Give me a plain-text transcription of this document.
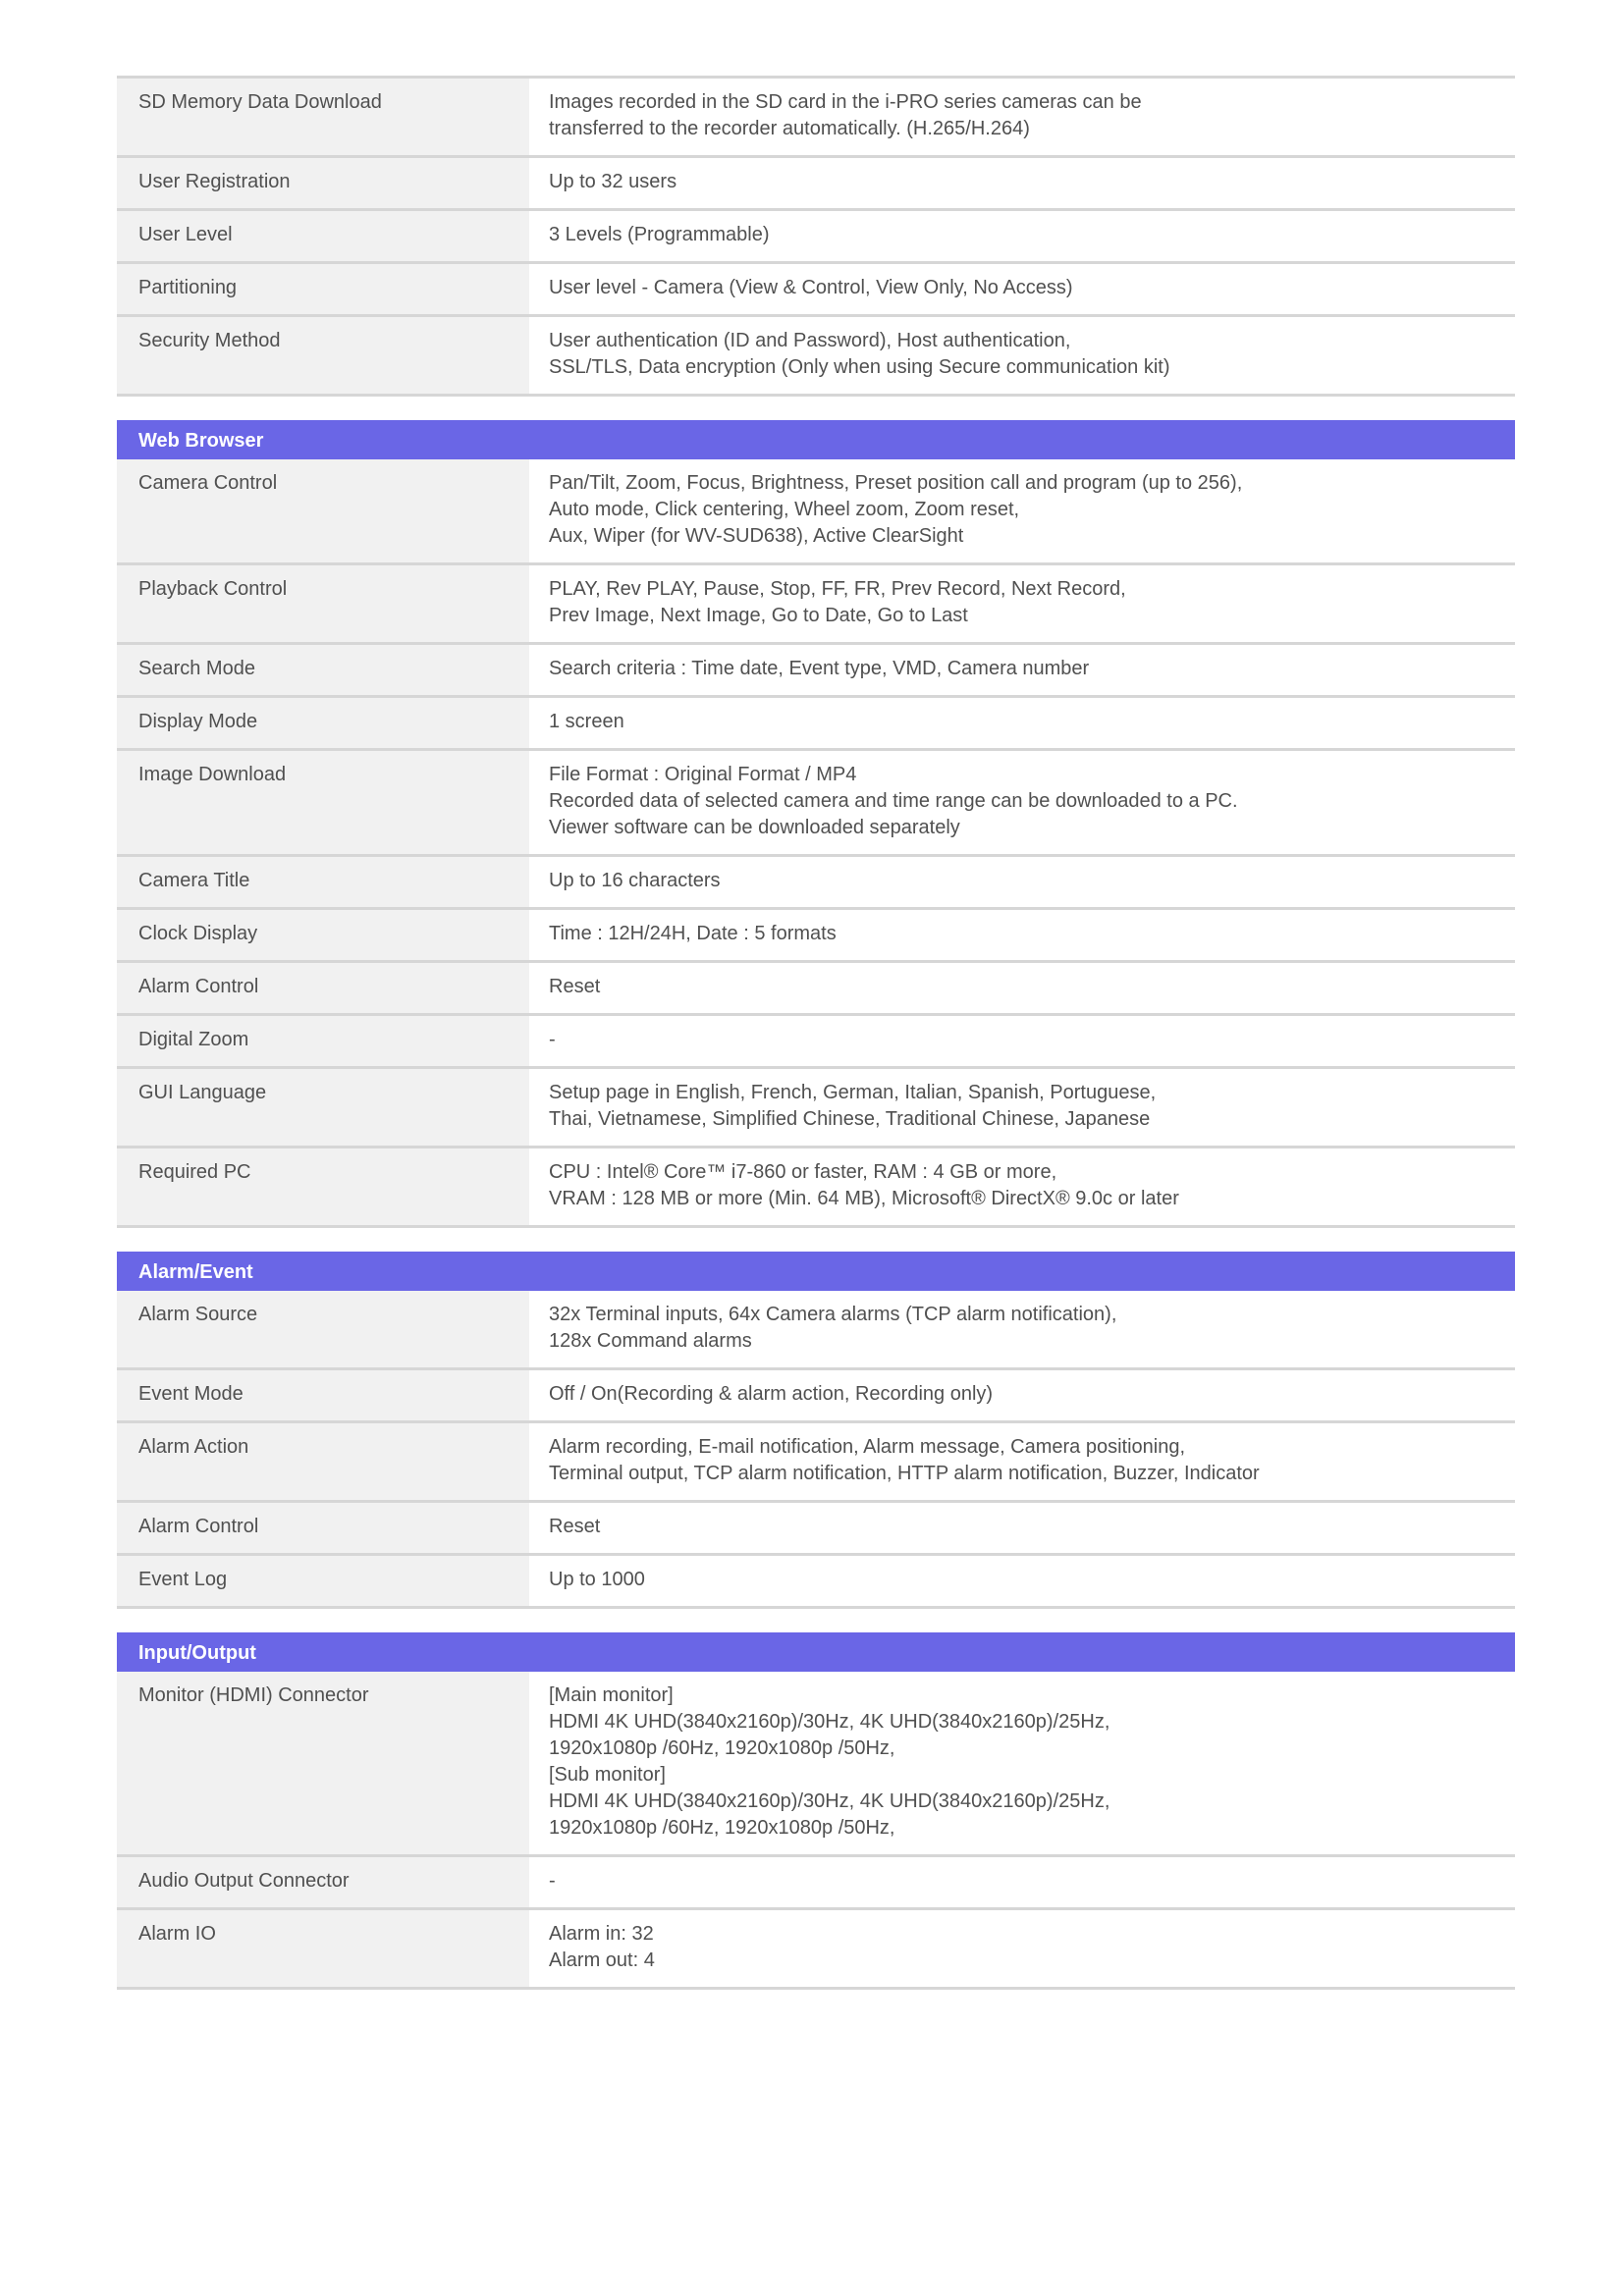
SD Memory Data Download	Images recorded in the SD card in the i-PRO series cameras can be
transferred to the recorder automatically. (H.265/H.264)
User Registration	Up to 32 users
User Level	3 Levels (Programmable)
Partitioning	User level - Camera (View & Control, View Only, No Access)
Security Method	User authentication (ID and Password), Host authentication,
SSL/TLS, Data encryption (Only when using Secure communication kit)
Web Browser
Camera Control	Pan/Tilt, Zoom, Focus, Brightness, Preset position call and program (up to 256),
Auto mode, Click centering, Wheel zoom, Zoom reset,
Aux, Wiper (for WV-SUD638), Active ClearSight
Playback Control	PLAY, Rev PLAY, Pause, Stop, FF, FR, Prev Record, Next Record,
Prev Image, Next Image, Go to Date, Go to Last
Search Mode	Search criteria : Time date, Event type, VMD, Camera number
Display Mode	1 screen
Image Download	File Format : Original Format / MP4
Recorded data of selected camera and time range can be downloaded to a PC.
Viewer software can be downloaded separately
Camera Title	Up to 16 characters
Clock Display	Time : 12H/24H, Date : 5 formats
Alarm Control	Reset
Digital Zoom	-
GUI Language	Setup page in English, French, German, Italian, Spanish, Portuguese,
Thai, Vietnamese, Simplified Chinese, Traditional Chinese, Japanese
Required PC	CPU : Intel® Core™ i7-860 or faster, RAM : 4 GB or more,
VRAM : 128 MB or more (Min. 64 MB), Microsoft® DirectX® 9.0c or later
Alarm/Event
Alarm Source	32x Terminal inputs, 64x Camera alarms (TCP alarm notification),
128x Command alarms
Event Mode	Off / On(Recording & alarm action, Recording only)
Alarm Action	Alarm recording, E-mail notification, Alarm message, Camera positioning,
Terminal output, TCP alarm notification, HTTP alarm notification, Buzzer, Indicator
Alarm Control	Reset
Event Log	Up to 1000
Input/Output
Monitor (HDMI) Connector	[Main monitor]
HDMI 4K UHD(3840x2160p)/30Hz, 4K UHD(3840x2160p)/25Hz,
1920x1080p /60Hz, 1920x1080p /50Hz,
[Sub monitor]
HDMI 4K UHD(3840x2160p)/30Hz, 4K UHD(3840x2160p)/25Hz,
1920x1080p /60Hz, 1920x1080p /50Hz,
Audio Output Connector	-
Alarm IO	Alarm in: 32
Alarm out: 4
